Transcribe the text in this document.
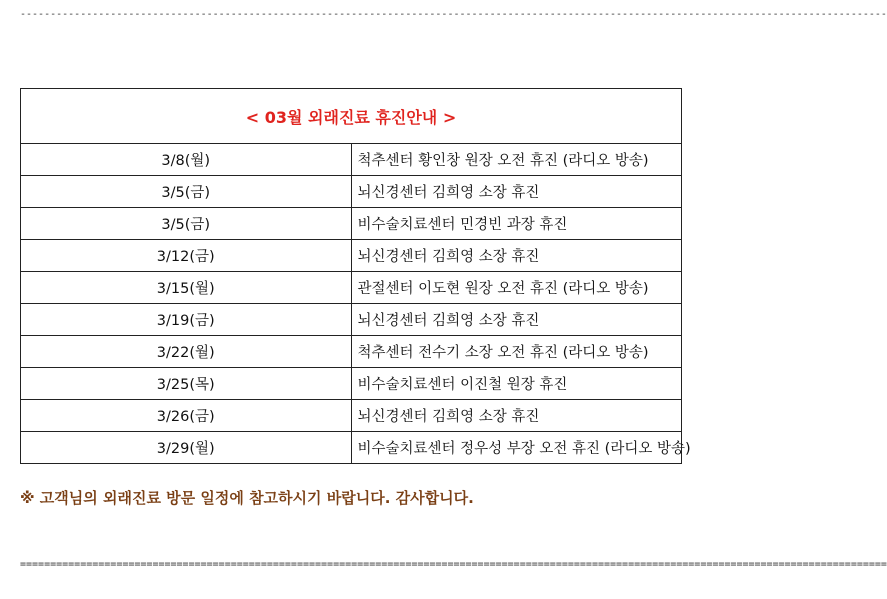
------------------------------------------------------------------------------------------------------------------------------------------------
< 03월 외래진료 휴진안내 >	
3/8(월)	척추센터 황인창 원장 오전 휴진 (라디오 방송)
3/5(금)	뇌신경센터 김희영 소장 휴진
3/5(금)	비수술치료센터 민경빈 과장 휴진
3/12(금)	뇌신경센터 김희영 소장 휴진
3/15(월)	관절센터 이도현 원장 오전 휴진 (라디오 방송)
3/19(금)	뇌신경센터 김희영 소장 휴진
3/22(월)	척추센터 전수기 소장 오전 휴진 (라디오 방송)
3/25(목)	비수술치료센터 이진철 원장 휴진
3/26(금)	뇌신경센터 김희영 소장 휴진
3/29(월)	비수술치료센터 정우성 부장 오전 휴진 (라디오 방송)
※ 고객님의 외래진료 방문 일정에 참고하시기 바랍니다. 감사합니다.
================================================================================================================================================
